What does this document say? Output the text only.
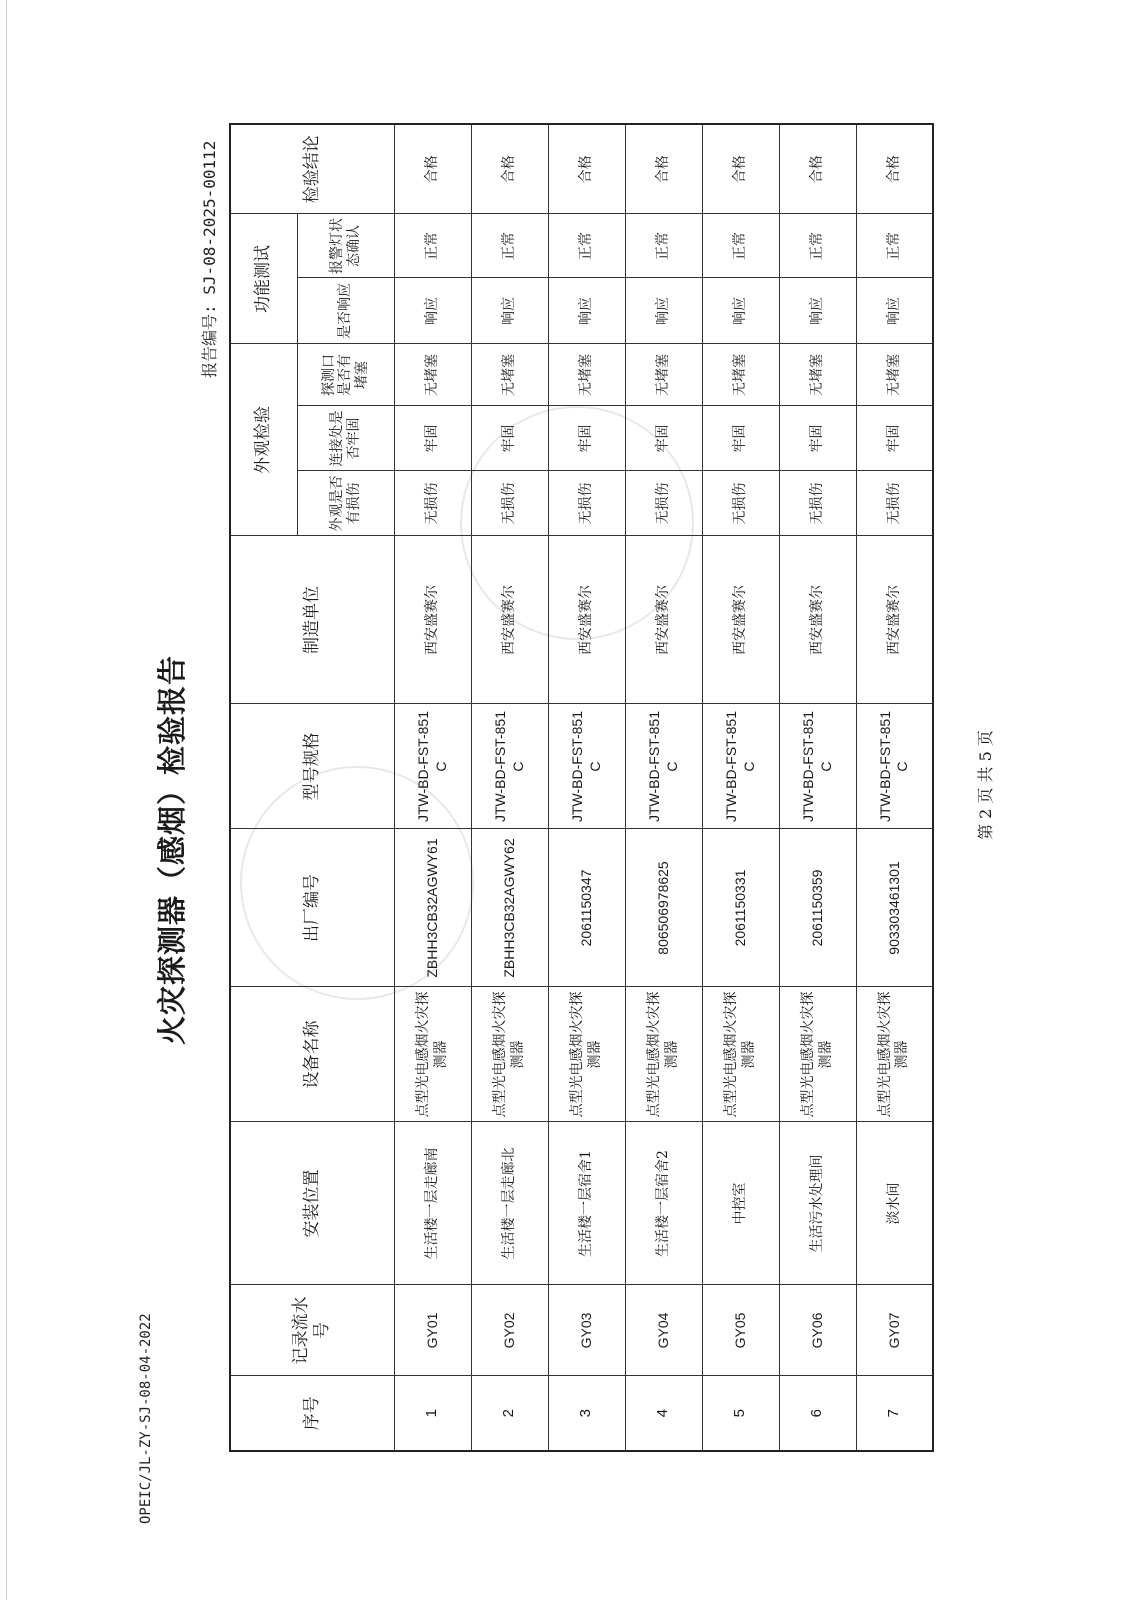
OPEIC/JL-ZY-SJ-08-04-2022
报告编号: SJ-08-2025-00112
火灾探测器（感烟）检验报告
序号	记录流水号	安装位置	设备名称	出厂编号	型号规格	制造单位	外观检验			功能测试		检验结论
							外观是否有损伤	连接处是否牢固	探测口是否有堵塞	是否响应	报警灯状态确认	
1	GY01	生活楼一层走廊南	点型光电感烟火灾探测器	ZBHH3CB32AGWY61	JTW-BD-FST-851C	西安盛赛尔	无损伤	牢固	无堵塞	响应	正常	合格
2	GY02	生活楼一层走廊北	点型光电感烟火灾探测器	ZBHH3CB32AGWY62	JTW-BD-FST-851C	西安盛赛尔	无损伤	牢固	无堵塞	响应	正常	合格
3	GY03	生活楼一层宿舍1	点型光电感烟火灾探测器	2061150347	JTW-BD-FST-851C	西安盛赛尔	无损伤	牢固	无堵塞	响应	正常	合格
4	GY04	生活楼一层宿舍2	点型光电感烟火灾探测器	806506978625	JTW-BD-FST-851C	西安盛赛尔	无损伤	牢固	无堵塞	响应	正常	合格
5	GY05	中控室	点型光电感烟火灾探测器	2061150331	JTW-BD-FST-851C	西安盛赛尔	无损伤	牢固	无堵塞	响应	正常	合格
6	GY06	生活污水处理间	点型光电感烟火灾探测器	2061150359	JTW-BD-FST-851C	西安盛赛尔	无损伤	牢固	无堵塞	响应	正常	合格
7	GY07	淡水间	点型光电感烟火灾探测器	903303461301	JTW-BD-FST-851C	西安盛赛尔	无损伤	牢固	无堵塞	响应	正常	合格
第 2 页 共 5 页
